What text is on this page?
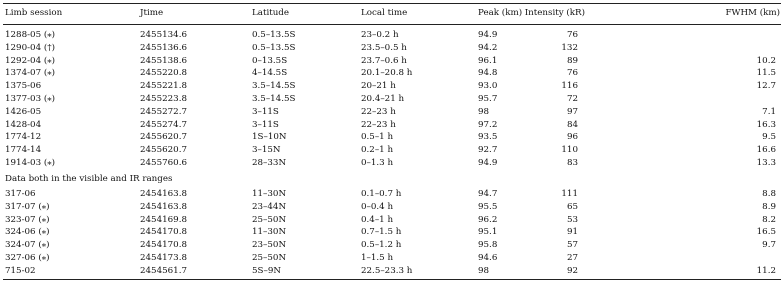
Limb session	Jtime	Latitude	Local time	Peak (km) Intensity (kR)	FWHM (km)
1288-05 (⁎)	2455134.6	0.5–13.5S	23–0.2 h	94.9	76
1290-04 (†)	2455136.6	0.5–13.5S	23.5–0.5 h	94.2	132
1292-04 (⁎)	2455138.6	0–13.5S	23.7–0.6 h	96.1	89	10.2
1374-07 (⁎)	2455220.8	4–14.5S	20.1–20.8 h	94.8	76	11.5
1375-06	2455221.8	3.5–14.5S	20–21 h	93.0	116	12.7
1377-03 (⁎)	2455223.8	3.5–14.5S	20.4–21 h	95.7	72
1426-05	2455272.7	3–11S	22–23 h	98	97	7.1
1428-04	2455274.7	3–11S	22–23 h	97.2	84	16.3
1774-12	2455620.7	1S–10N	0.5–1 h	93.5	96	9.5
1774-14	2455620.7	3–15N	0.2–1 h	92.7	110	16.6
1914-03 (⁎)	2455760.6	28–33N	0–1.3 h	94.9	83	13.3
Data both in the visible and IR ranges
317-06	2454163.8	11–30N	0.1–0.7 h	94.7	111	8.8
317-07 (⁎)	2454163.8	23–44N	0–0.4 h	95.5	65	8.9
323-07 (⁎)	2454169.8	25–50N	0.4–1 h	96.2	53	8.2
324-06 (⁎)	2454170.8	11–30N	0.7–1.5 h	95.1	91	16.5
324-07 (⁎)	2454170.8	23–50N	0.5–1.2 h	95.8	57	9.7
327-06 (⁎)	2454173.8	25–50N	1–1.5 h	94.6	27
715-02	2454561.7	5S–9N	22.5–23.3 h	98	92	11.2
